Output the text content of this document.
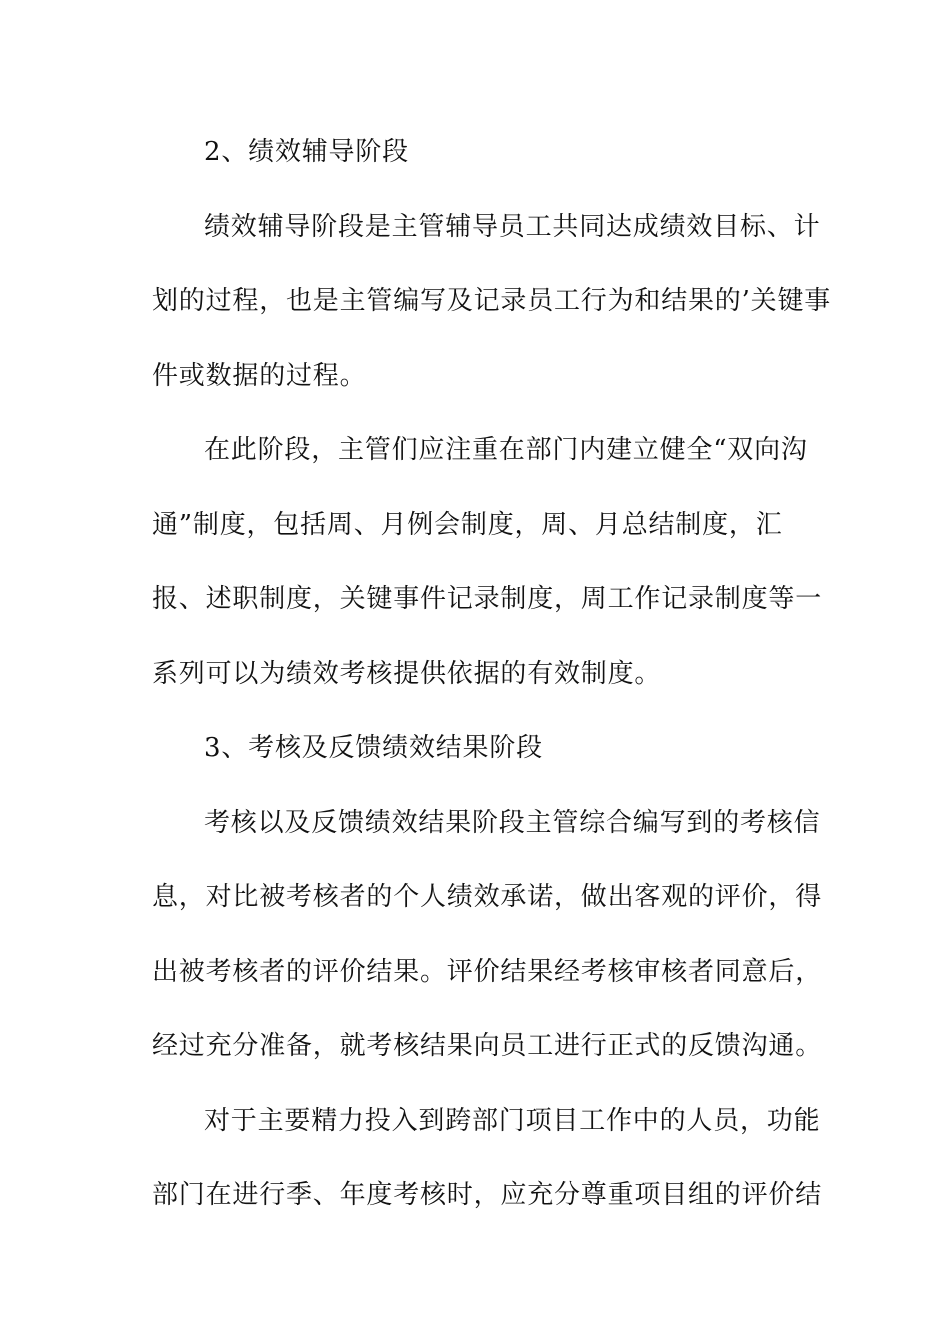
2、绩效辅导阶段
绩效辅导阶段是主管辅导员工共同达成绩效目标、计
划的过程，也是主管编写及记录员工行为和结果的’关键事
件或数据的过程。
在此阶段，主管们应注重在部门内建立健全“双向沟
通”制度，包括周、月例会制度，周、月总结制度，汇
报、述职制度，关键事件记录制度，周工作记录制度等一
系列可以为绩效考核提供依据的有效制度。
3、考核及反馈绩效结果阶段
考核以及反馈绩效结果阶段主管综合编写到的考核信
息，对比被考核者的个人绩效承诺，做出客观的评价，得
出被考核者的评价结果。评价结果经考核审核者同意后，
经过充分准备，就考核结果向员工进行正式的反馈沟通。
对于主要精力投入到跨部门项目工作中的人员，功能
部门在进行季、年度考核时，应充分尊重项目组的评价结
